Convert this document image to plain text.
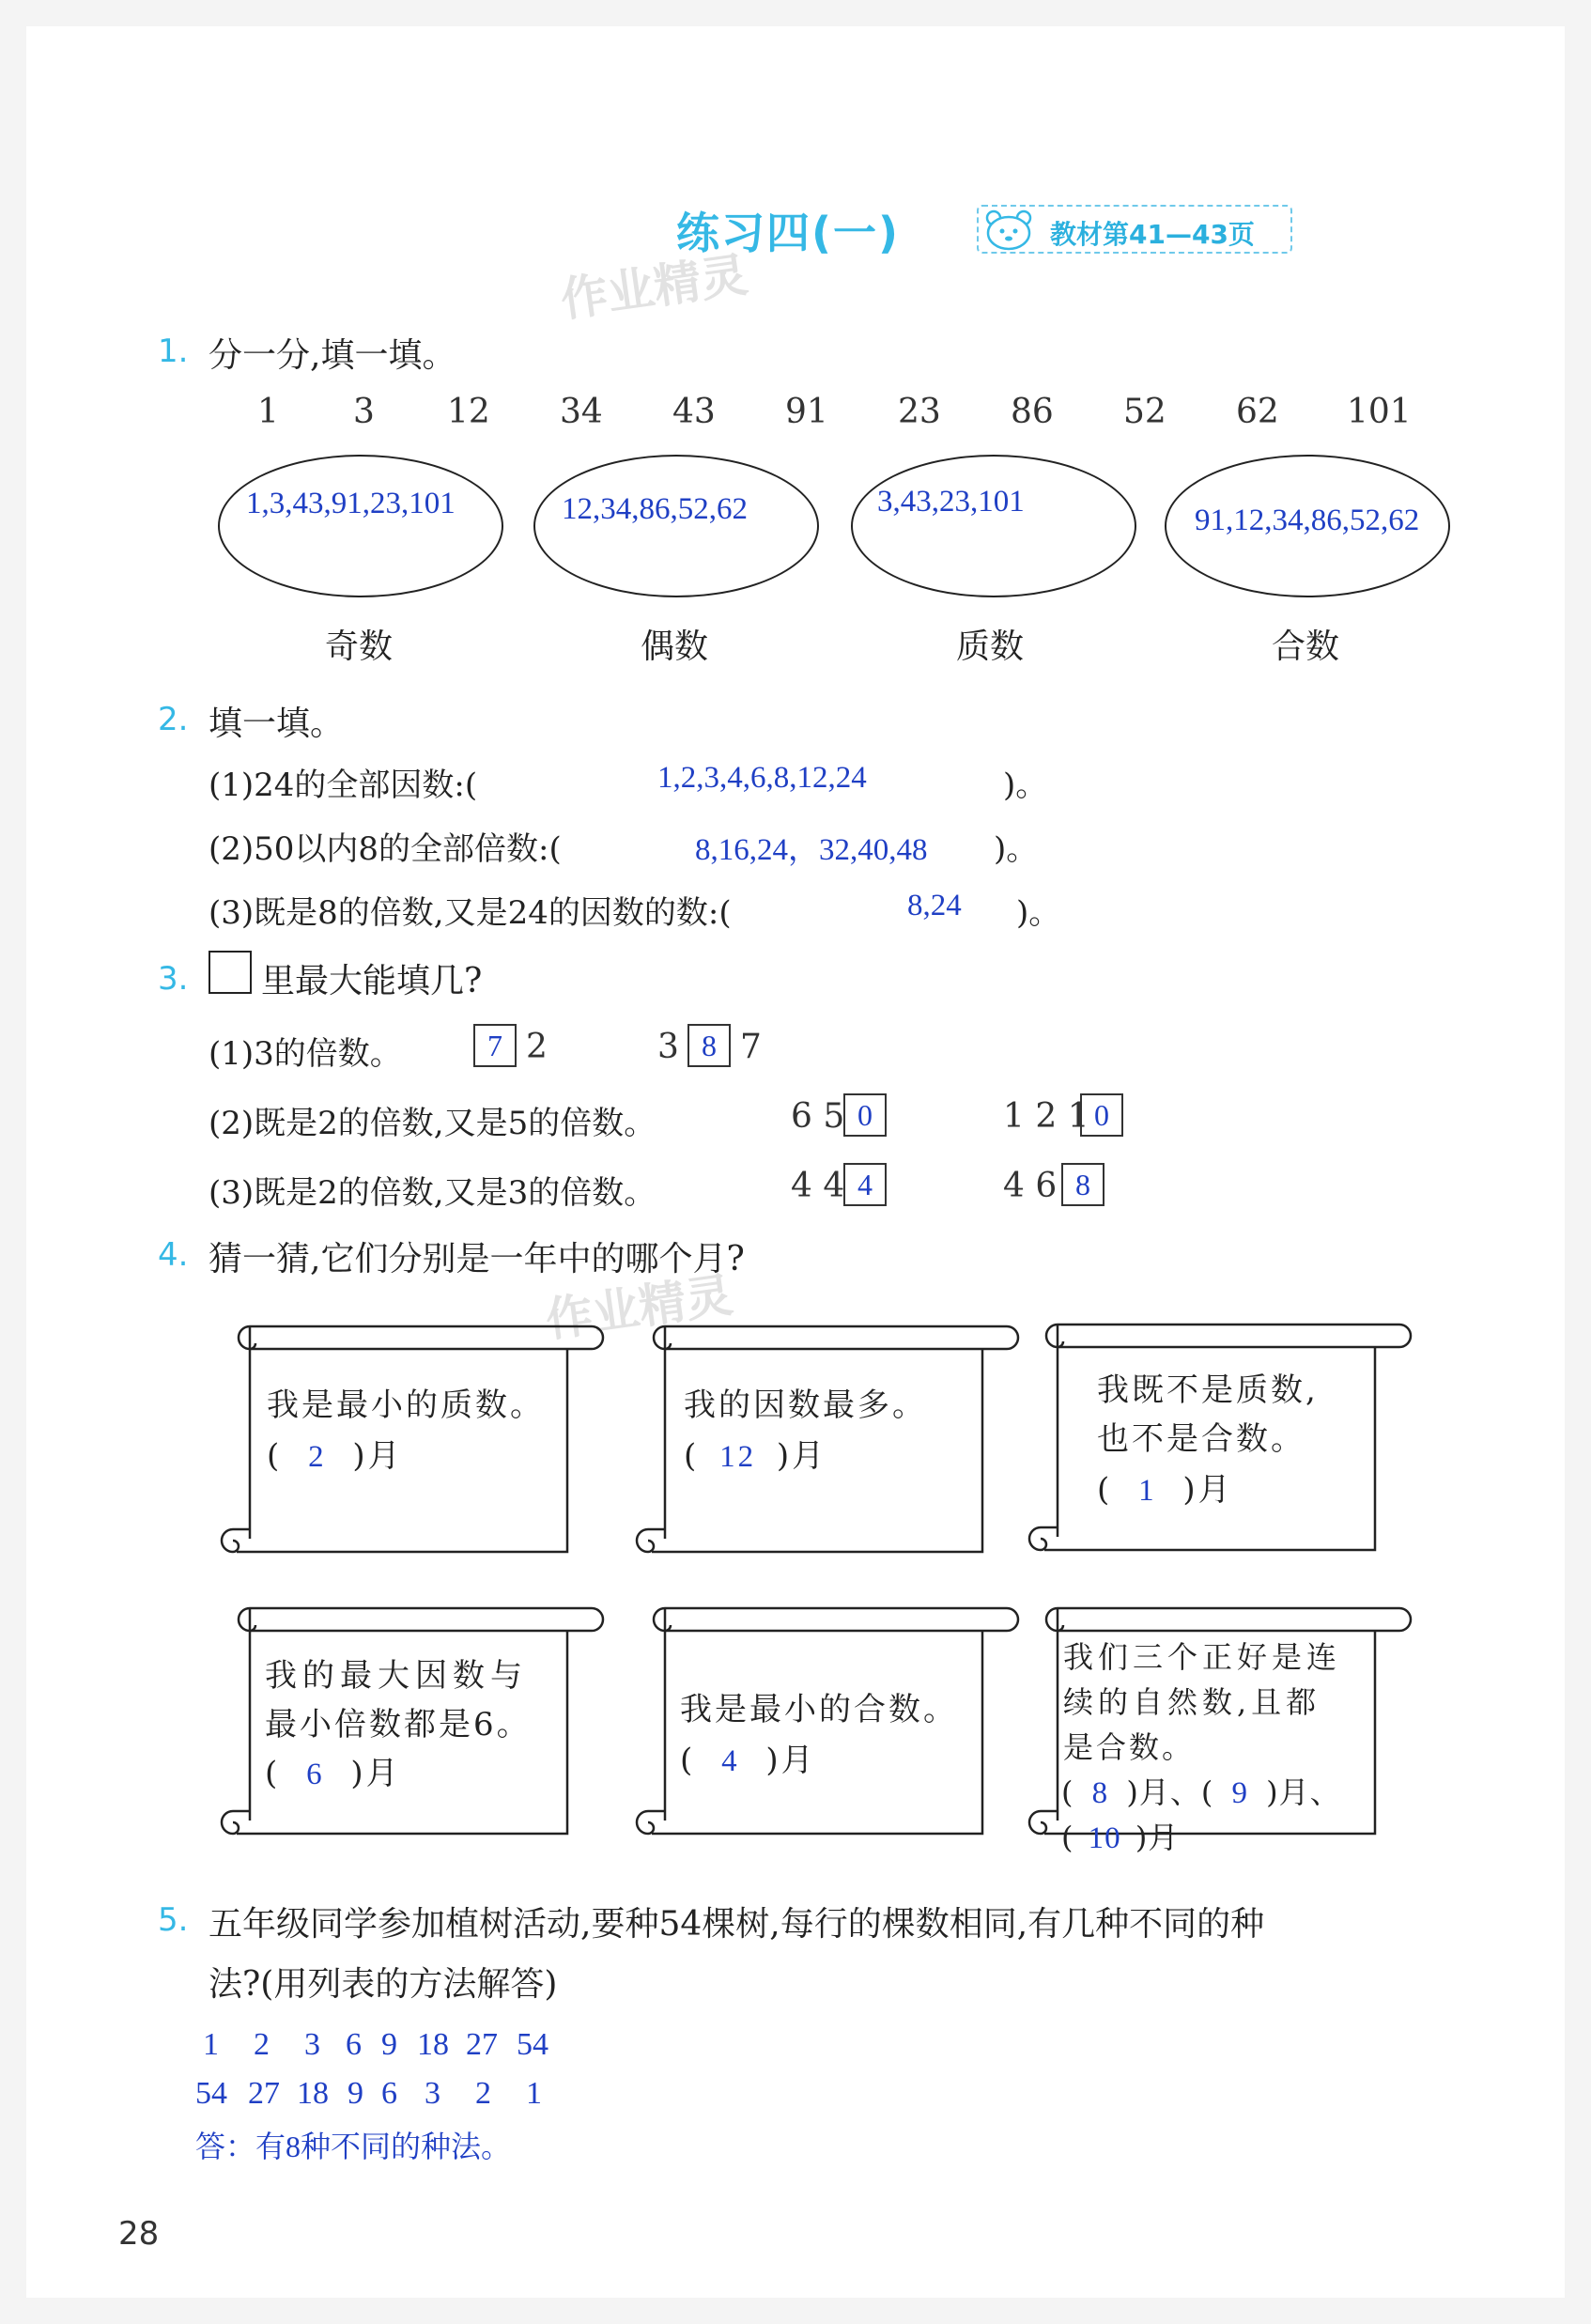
练习四(一)	教材第41—43页
作业精灵
1. 分一分,填一填。
1 3 12 34 43 91 23 86 52 62 101
1,3,43,91,23,101	12,34,86,52,62	3,43,23,101
91,12,34,86,52,62
奇数	偶数	质数	合数
2. 填一填。
(1)24的全部因数:(	1,2,3,4,6,8,12,24	)。
(2)50以内8的全部倍数:(	8,16,24，32,40,48 )。
(3)既是8的倍数,又是24的因数的数:(	8,24 )。
3. 里最大能填几?
(1)3的倍数。	7 2	3 8 7
(2)既是2的倍数,又是5的倍数。	6 5 0	1 2 1 0
(3)既是2的倍数,又是3的倍数。	4 4 4	4 6 8
4. 猜一猜,它们分别是一年中的哪个月?
作业精灵
我是最小的质数。
( 2 )月
我的因数最多。
( 12 )月
我既不是质数,
也不是合数。
( 1 )月
我的最大因数与
最小倍数都是6。
( 6 )月
我是最小的合数。
( 4 )月
我们三个正好是连
续的自然数,且都
是合数。
( 8 )月、( 9 )月、
( 10 )月
5. 五年级同学参加植树活动,要种54棵树,每行的棵数相同,有几种不同的种
法?(用列表的方法解答)
1 2 3 6 9 18 27 54
54 27 18 9 6 3 2 1
答：有8种不同的种法。
28
